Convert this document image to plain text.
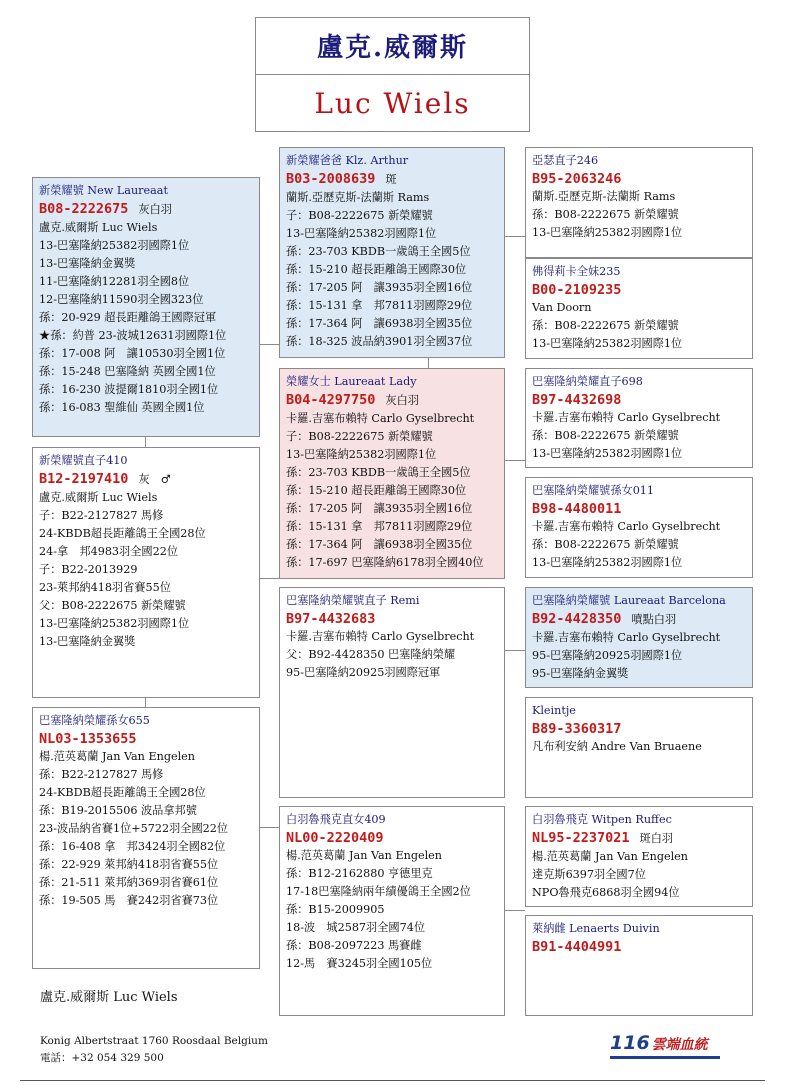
盧克.威爾斯
Luc Wiels
新榮耀號 New Laureaat
B08-2222675 灰白羽
盧克.威爾斯 Luc Wiels
13-巴塞隆納25382羽國際1位
13-巴塞隆納金翼獎
11-巴塞隆納12281羽全國8位
12-巴塞隆納11590羽全國323位
孫：20-929 超長距離鴿王國際冠軍
★孫：約普 23-波城12631羽國際1位
孫：17-008 阿　讓10530羽全國1位
孫：15-248 巴塞隆納 英國全國1位
孫：16-230 波提爾1810羽全國1位
孫：16-083 聖維仙 英國全國1位
新榮耀號直子410
B12-2197410 灰　♂
盧克.威爾斯 Luc Wiels
子：B22-2127827 馬修
24-KBDB超長距離鴿王全國28位
24-拿　邦4983羽全國22位
子：B22-2013929
23-萊邦納418羽省賽55位
父：B08-2222675 新榮耀號
13-巴塞隆納25382羽國際1位
13-巴塞隆納金翼獎
巴塞隆納榮耀孫女655
NL03-1353655
楊.范英葛蘭 Jan Van Engelen
孫：B22-2127827 馬修
24-KBDB超長距離鴿王全國28位
孫：B19-2015506 波品拿邦號
23-波品納省賽1位+5722羽全國22位
孫：16-408 拿　邦3424羽全國82位
孫：22-929 萊邦納418羽省賽55位
孫：21-511 萊邦納369羽省賽61位
孫：19-505 馬　賽242羽省賽73位
新榮耀爸爸 Klz. Arthur
B03-2008639 斑
蘭斯.亞歷克斯-法蘭斯 Rams
子：B08-2222675 新榮耀號
13-巴塞隆納25382羽國際1位
孫：23-703 KBDB一歲鴿王全國5位
孫：15-210 超長距離鴿王國際30位
孫：17-205 阿　讓3935羽全國16位
孫：15-131 拿　邦7811羽國際29位
孫：17-364 阿　讓6938羽全國35位
孫：18-325 波品納3901羽全國37位
榮耀女士 Laureaat Lady
B04-4297750 灰白羽
卡羅.吉塞布賴特 Carlo Gyselbrecht
子：B08-2222675 新榮耀號
13-巴塞隆納25382羽國際1位
孫：23-703 KBDB一歲鴿王全國5位
孫：15-210 超長距離鴿王國際30位
孫：17-205 阿　讓3935羽全國16位
孫：15-131 拿　邦7811羽國際29位
孫：17-364 阿　讓6938羽全國35位
孫：17-697 巴塞隆納6178羽全國40位
巴塞隆納榮耀號直子 Remi
B97-4432683
卡羅.吉塞布賴特 Carlo Gyselbrecht
父：B92-4428350 巴塞隆納榮耀
95-巴塞隆納20925羽國際冠軍
白羽魯飛克直女409
NL00-2220409
楊.范英葛蘭 Jan Van Engelen
孫：B12-2162880 亨德里克
17-18巴塞隆納兩年績優鴿王全國2位
孫：B15-2009905
18-波　城2587羽全國74位
孫：B08-2097223 馬賽雌
12-馬　賽3245羽全國105位
亞瑟直子246
B95-2063246
蘭斯.亞歷克斯-法蘭斯 Rams
孫：B08-2222675 新榮耀號
13-巴塞隆納25382羽國際1位
佛得莉卡全妹235
B00-2109235
Van Doorn
孫：B08-2222675 新榮耀號
13-巴塞隆納25382羽國際1位
巴塞隆納榮耀直子698
B97-4432698
卡羅.吉塞布賴特 Carlo Gyselbrecht
孫：B08-2222675 新榮耀號
13-巴塞隆納25382羽國際1位
巴塞隆納榮耀號孫女011
B98-4480011
卡羅.吉塞布賴特 Carlo Gyselbrecht
孫：B08-2222675 新榮耀號
13-巴塞隆納25382羽國際1位
巴塞隆納榮耀號 Laureaat Barcelona
B92-4428350 噴點白羽
卡羅.吉塞布賴特 Carlo Gyselbrecht
95-巴塞隆納20925羽國際1位
95-巴塞隆納金翼獎
Kleintje
B89-3360317
凡布利安納 Andre Van Bruaene
白羽魯飛克 Witpen Ruffec
NL95-2237021 斑白羽
楊.范英葛蘭 Jan Van Engelen
達克斯6397羽全國7位
NPO魯飛克6868羽全國94位
萊納雌 Lenaerts Duivin
B91-4404991
盧克.威爾斯 Luc Wiels
Konig Albertstraat 1760 Roosdaal Belgium
電話：+32 054 329 500
116 雲端血統
